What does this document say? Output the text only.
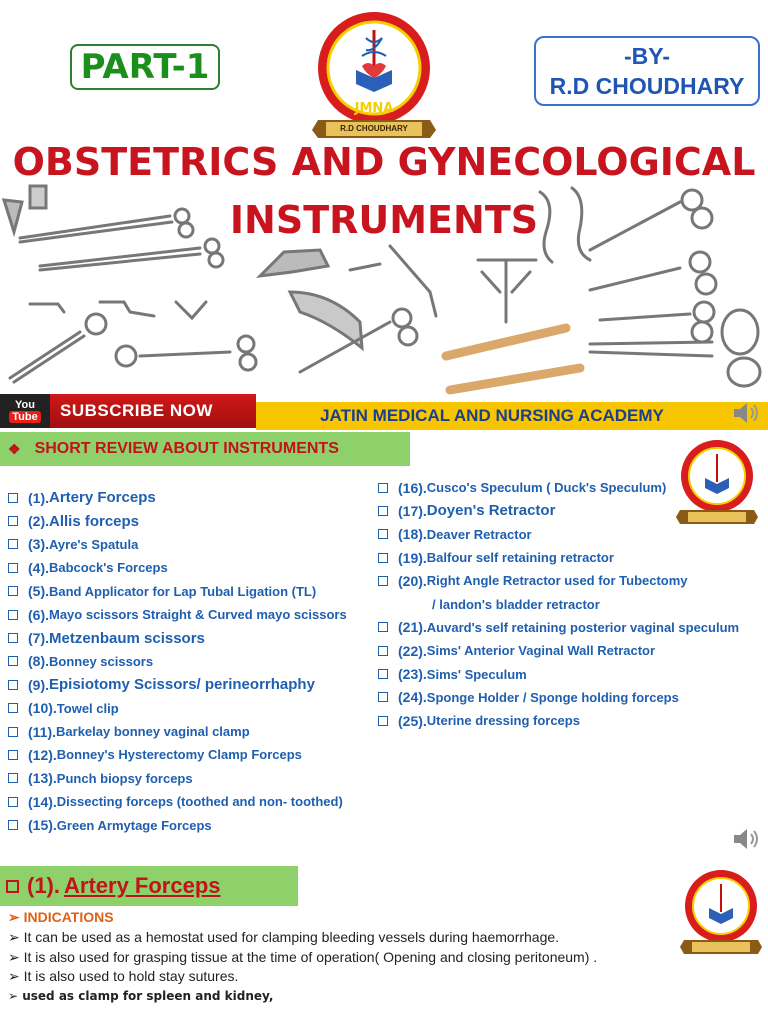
PART-1
JMNA
R.D CHOUDHARY
-BY-
R.D CHOUDHARY
OBSTETRICS AND GYNECOLOGICAL
INSTRUMENTS
You
Tube SUBSCRIBE NOW	JATIN MEDICAL AND NURSING ACADEMY
❖ SHORT REVIEW ABOUT INSTRUMENTS
(1). Artery Forceps
(2). Allis forceps
(3). Ayre's Spatula
(4). Babcock's Forceps
(5). Band Applicator for Lap Tubal Ligation (TL)
(6). Mayo scissors Straight & Curved mayo scissors
(7). Metzenbaum scissors
(8). Bonney scissors
(9). Episiotomy Scissors/ perineorrhaphy
(10). Towel clip
(11). Barkelay bonney vaginal clamp
(12). Bonney's Hysterectomy Clamp Forceps
(13). Punch biopsy forceps
(14). Dissecting forceps (toothed and non- toothed)
(15). Green Armytage Forceps
(16). Cusco's Speculum ( Duck's Speculum)
(17). Doyen's Retractor
(18). Deaver Retractor
(19). Balfour self retaining retractor
(20). Right Angle Retractor used for Tubectomy
/ landon's bladder retractor
(21). Auvard's self retaining posterior vaginal speculum
(22). Sims' Anterior Vaginal Wall Retractor
(23). Sims' Speculum
(24). Sponge Holder / Sponge holding forceps
(25). Uterine dressing forceps
(1). Artery Forceps
➢ INDICATIONS
➢ It can be used as a hemostat used for clamping bleeding vessels during haemorrhage.
➢ It is also used for grasping tissue at the time of operation( Opening and closing peritoneum) .
➢ It is also used to hold stay sutures.
➢ used as clamp for spleen and kidney,
